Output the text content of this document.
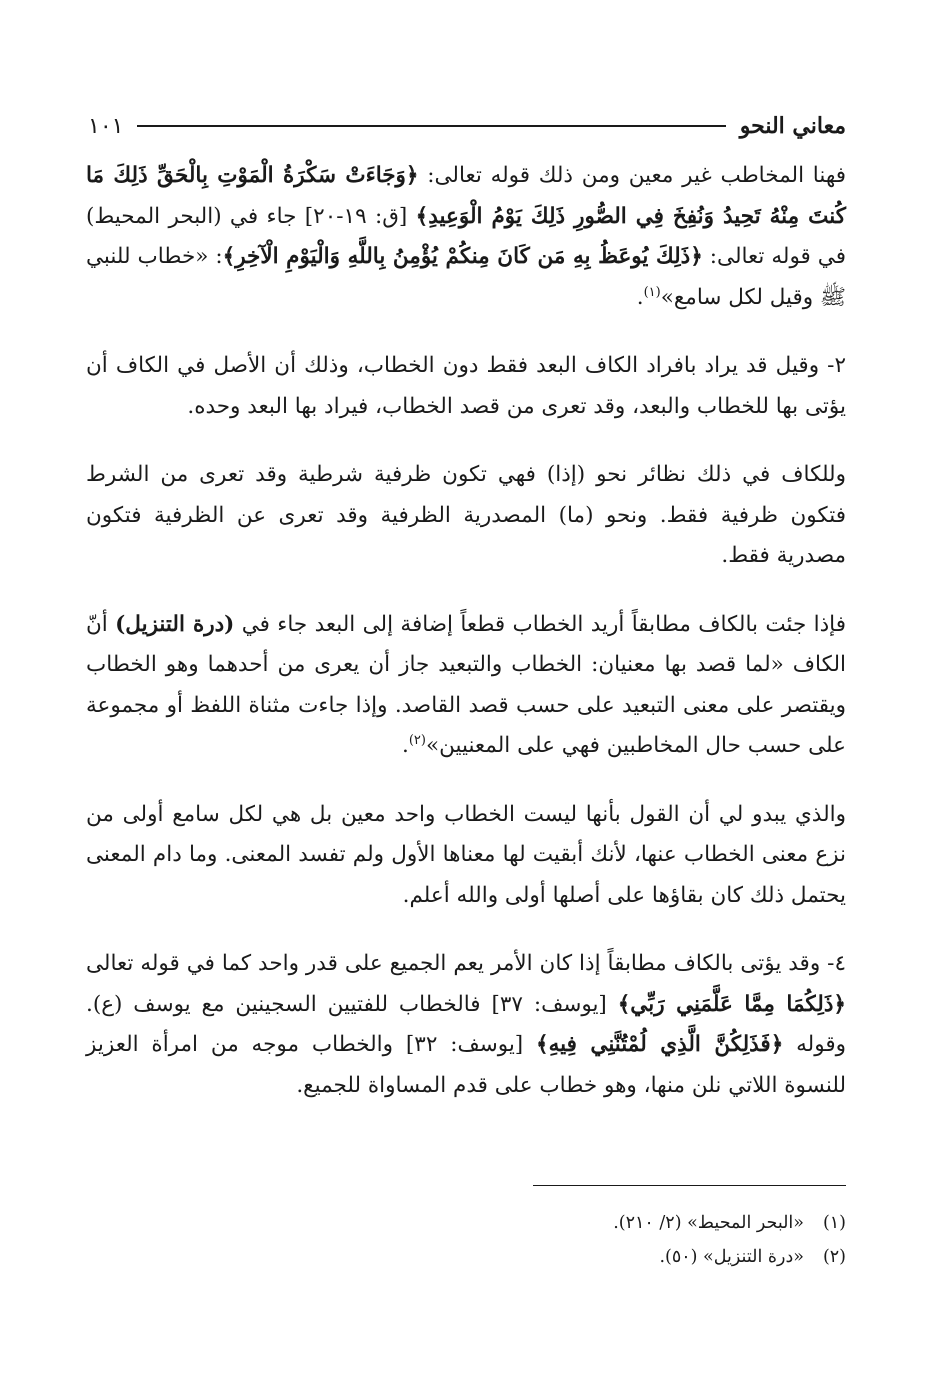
معاني النحو
١٠١

فهنا المخاطب غير معين ومن ذلك قوله تعالى: ﴿وَجَاءَتْ سَكْرَةُ الْمَوْتِ بِالْحَقِّ ذَلِكَ مَا كُنتَ مِنْهُ تَحِيدُ وَنُفِخَ فِي الصُّورِ ذَلِكَ يَوْمُ الْوَعِيدِ﴾ [ق: ١٩-٢٠] جاء في (البحر المحيط) في قوله تعالى: ﴿ذَلِكَ يُوعَظُ بِهِ مَن كَانَ مِنكُمْ يُؤْمِنُ بِاللَّهِ وَالْيَوْمِ الْآخِرِ﴾: «خطاب للنبي ﷺ وقيل لكل سامع»$^{(١)}$.

٢- وقيل قد يراد بافراد الكاف البعد فقط دون الخطاب، وذلك أن الأصل في الكاف أن يؤتى بها للخطاب والبعد، وقد تعرى من قصد الخطاب، فيراد بها البعد وحده.

وللكاف في ذلك نظائر نحو (إذا) فهي تكون ظرفية شرطية وقد تعرى من الشرط فتكون ظرفية فقط. ونحو (ما) المصدرية الظرفية وقد تعرى عن الظرفية فتكون مصدرية فقط.

فإذا جئت بالكاف مطابقاً أريد الخطاب قطعاً إضافة إلى البعد جاء في (درة التنزيل) أنّ الكاف «لما قصد بها معنيان: الخطاب والتبعيد جاز أن يعرى من أحدهما وهو الخطاب ويقتصر على معنى التبعيد على حسب قصد القاصد. وإذا جاءت مثناة اللفظ أو مجموعة على حسب حال المخاطبين فهي على المعنيين»$^{(٢)}$.

والذي يبدو لي أن القول بأنها ليست الخطاب واحد معين بل هي لكل سامع أولى من نزع معنى الخطاب عنها، لأنك أبقيت لها معناها الأول ولم تفسد المعنى. وما دام المعنى يحتمل ذلك كان بقاؤها على أصلها أولى والله أعلم.

٤- وقد يؤتى بالكاف مطابقاً إذا كان الأمر يعم الجميع على قدر واحد كما في قوله تعالى ﴿ذَلِكُمَا مِمَّا عَلَّمَنِي رَبِّي﴾ [يوسف: ٣٧] فالخطاب للفتيين السجينين مع يوسف (ع). وقوله ﴿فَذَلِكُنَّ الَّذِي لُمْتُنَّنِي فِيهِ﴾ [يوسف: ٣٢] والخطاب موجه من امرأة العزيز للنسوة اللاتي نلن منها، وهو خطاب على قدم المساواة للجميع.

(١)«البحر المحيط» (٢/ ٢١٠).

(٢)«درة التنزيل» (٥٠).
